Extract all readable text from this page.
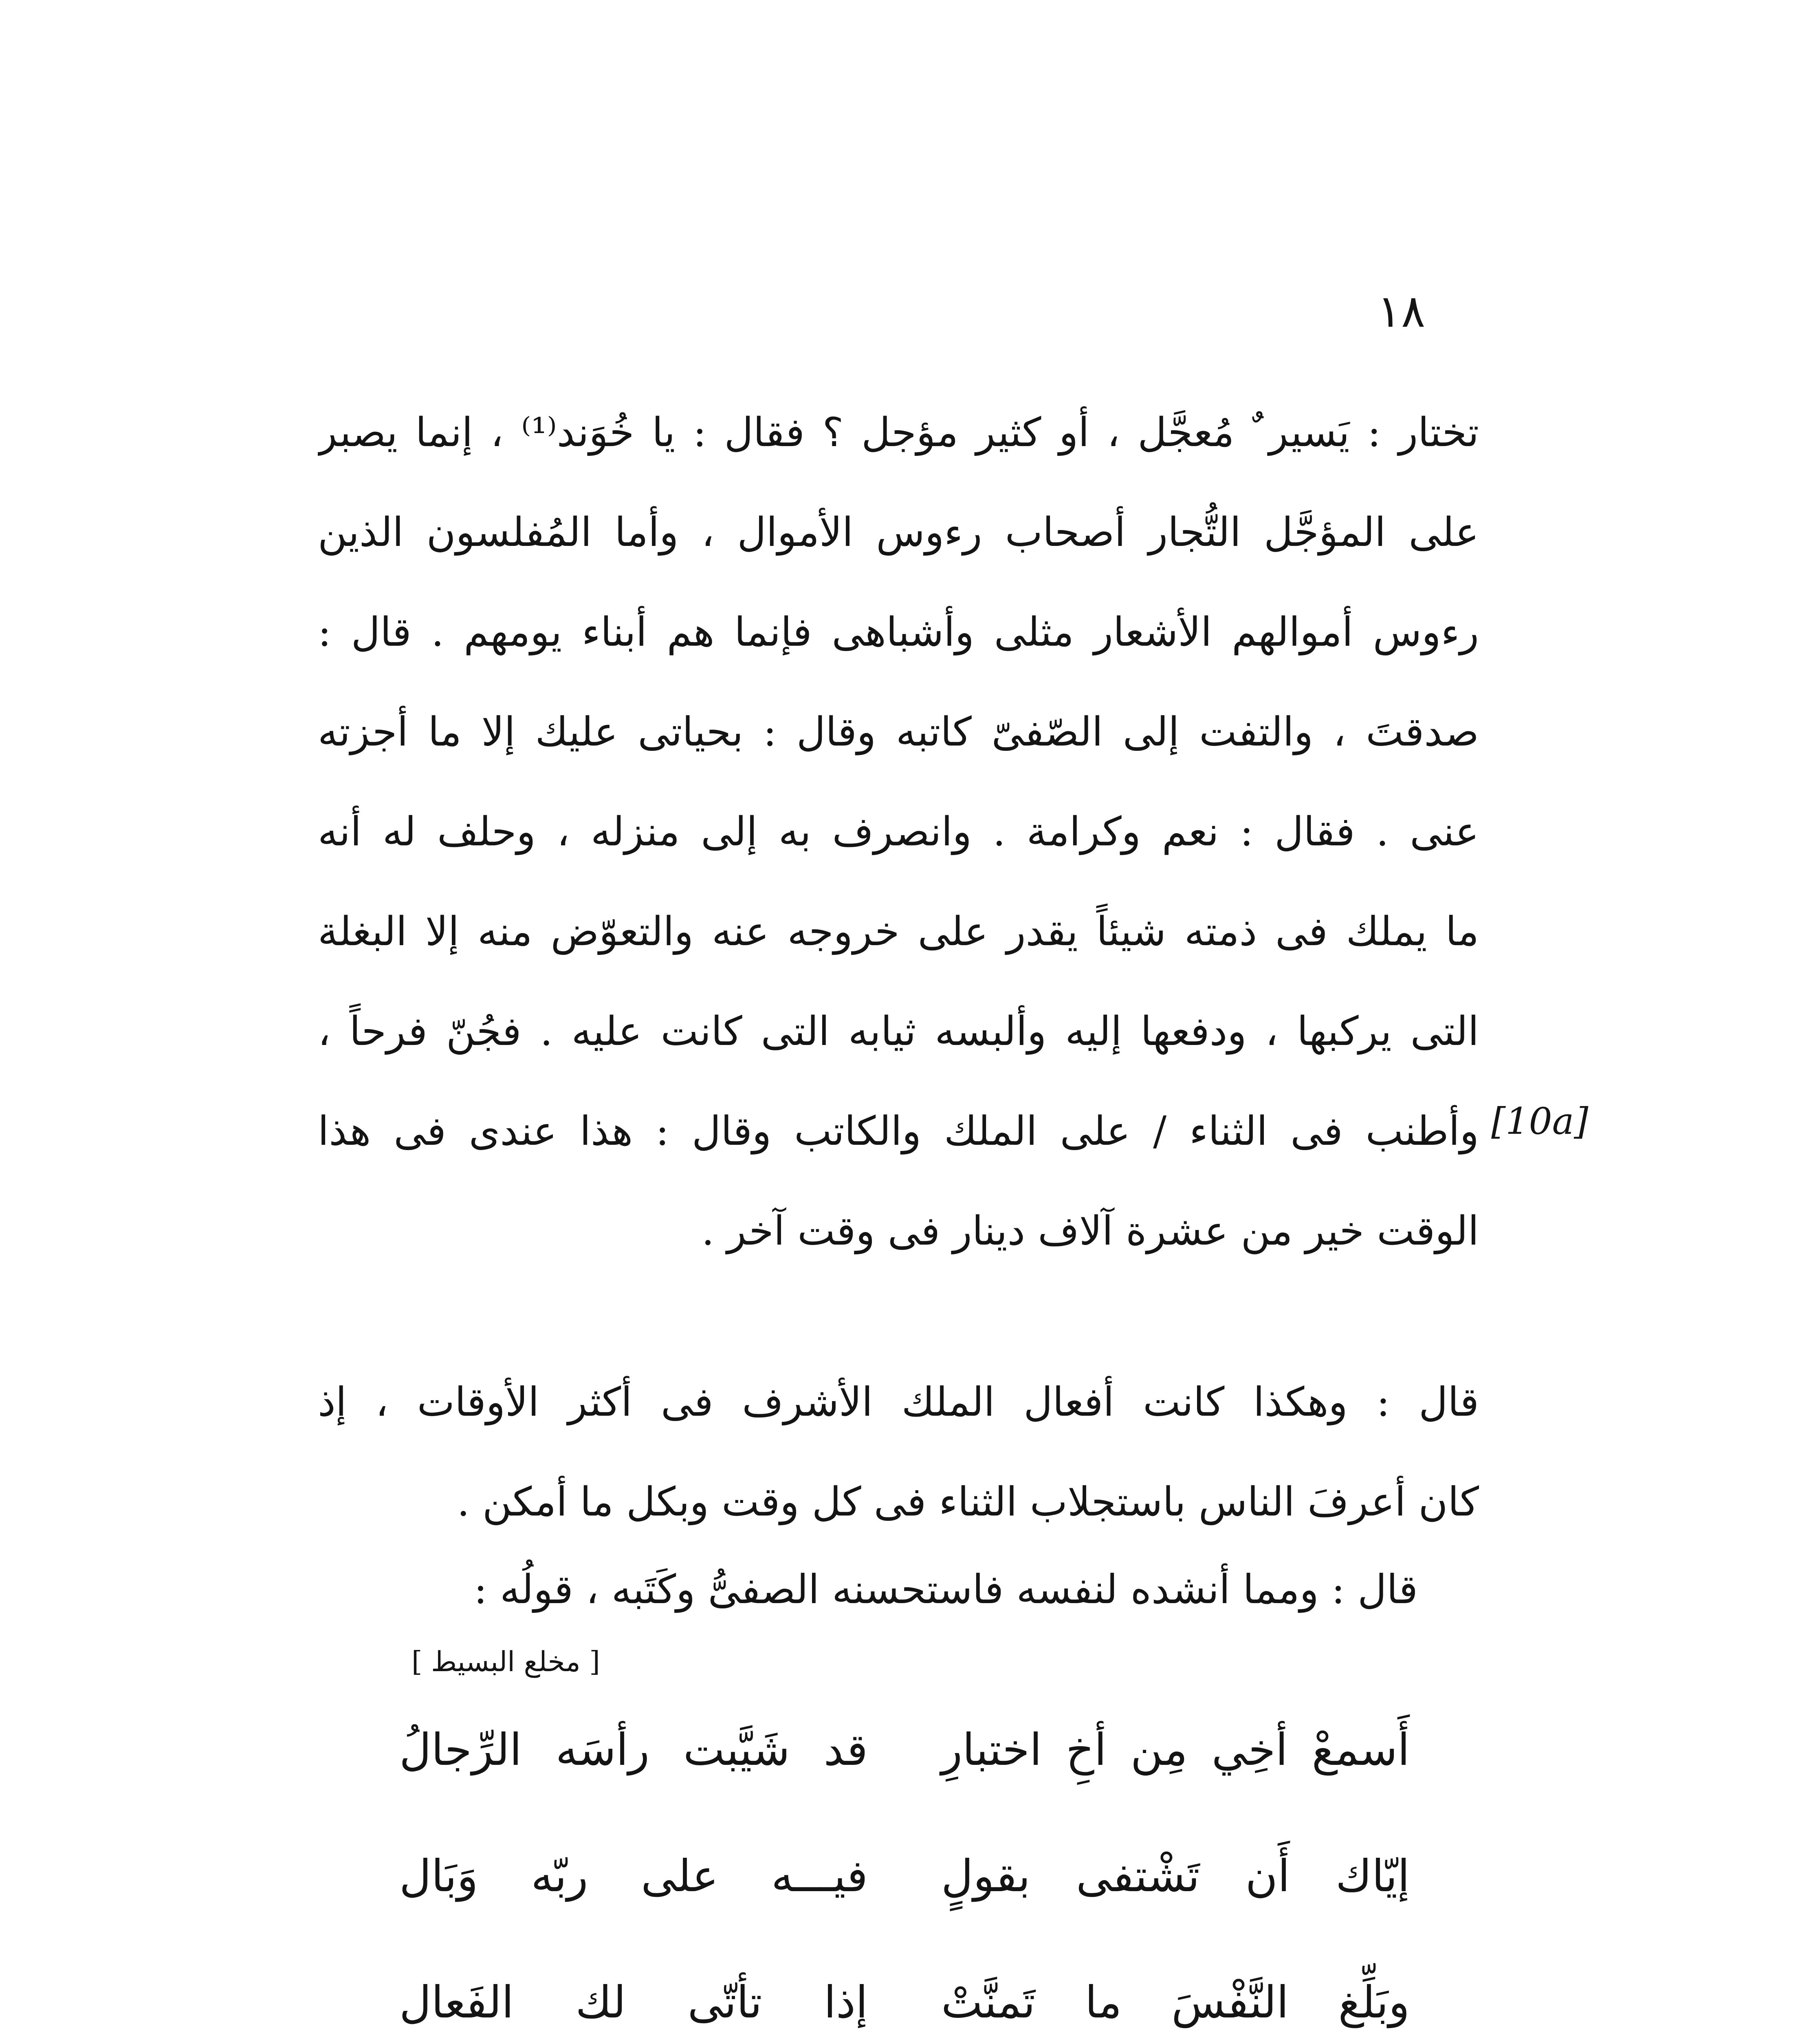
١٨
[10a]
تختار : يَسير ٌ مُعجَّل ، أو كثير مؤجل ؟ فقال : يا خُوَند⁽¹⁾ ، إنما يصبر
على المؤجَّل التُّجار أصحاب رءوس الأموال ، وأما المُفلسون الذين
رءوس أموالهم الأشعار مثلى وأشباهى فإنما هم أبناء يومهم . قال :
صدقتَ ، والتفت إلى الصّفىّ كاتبه وقال : بحياتى عليك إلا ما أجزته
عنى . فقال : نعم وكرامة . وانصرف به إلى منزله ، وحلف له أنه
ما يملك فى ذمته شيئاً يقدر على خروجه عنه والتعوّض منه إلا البغلة
التى يركبها ، ودفعها إليه وألبسه ثيابه التى كانت عليه . فجُنّ فرحاً ،
وأطنب فى الثناء / على الملك والكاتب وقال : هذا عندى فى هذا
الوقت خير من عشرة آلاف دينار فى وقت آخر .
قال : وهكذا كانت أفعال الملك الأشرف فى أكثر الأوقات ، إذ
كان أعرفَ الناس باستجلاب الثناء فى كل وقت وبكل ما أمكن .
قال : ومما أنشده لنفسه فاستحسنه الصفىُّ وكَتَبه ، قولُه :
[ مخلع البسيط ]
أَسمعْ
أخِي
مِن
أخِ
اختبارِ
قد
شَيَّبت
رأسَه
الرِّجالُ
إيّاك
أَن
تَشْتفى
بقولٍ
فيـــه
على
ربّه
وَبَال
وبَلِّغ
النَّفْسَ
ما
تَمنَّتْ
إذا
تأتّى
لك
الفَعال
